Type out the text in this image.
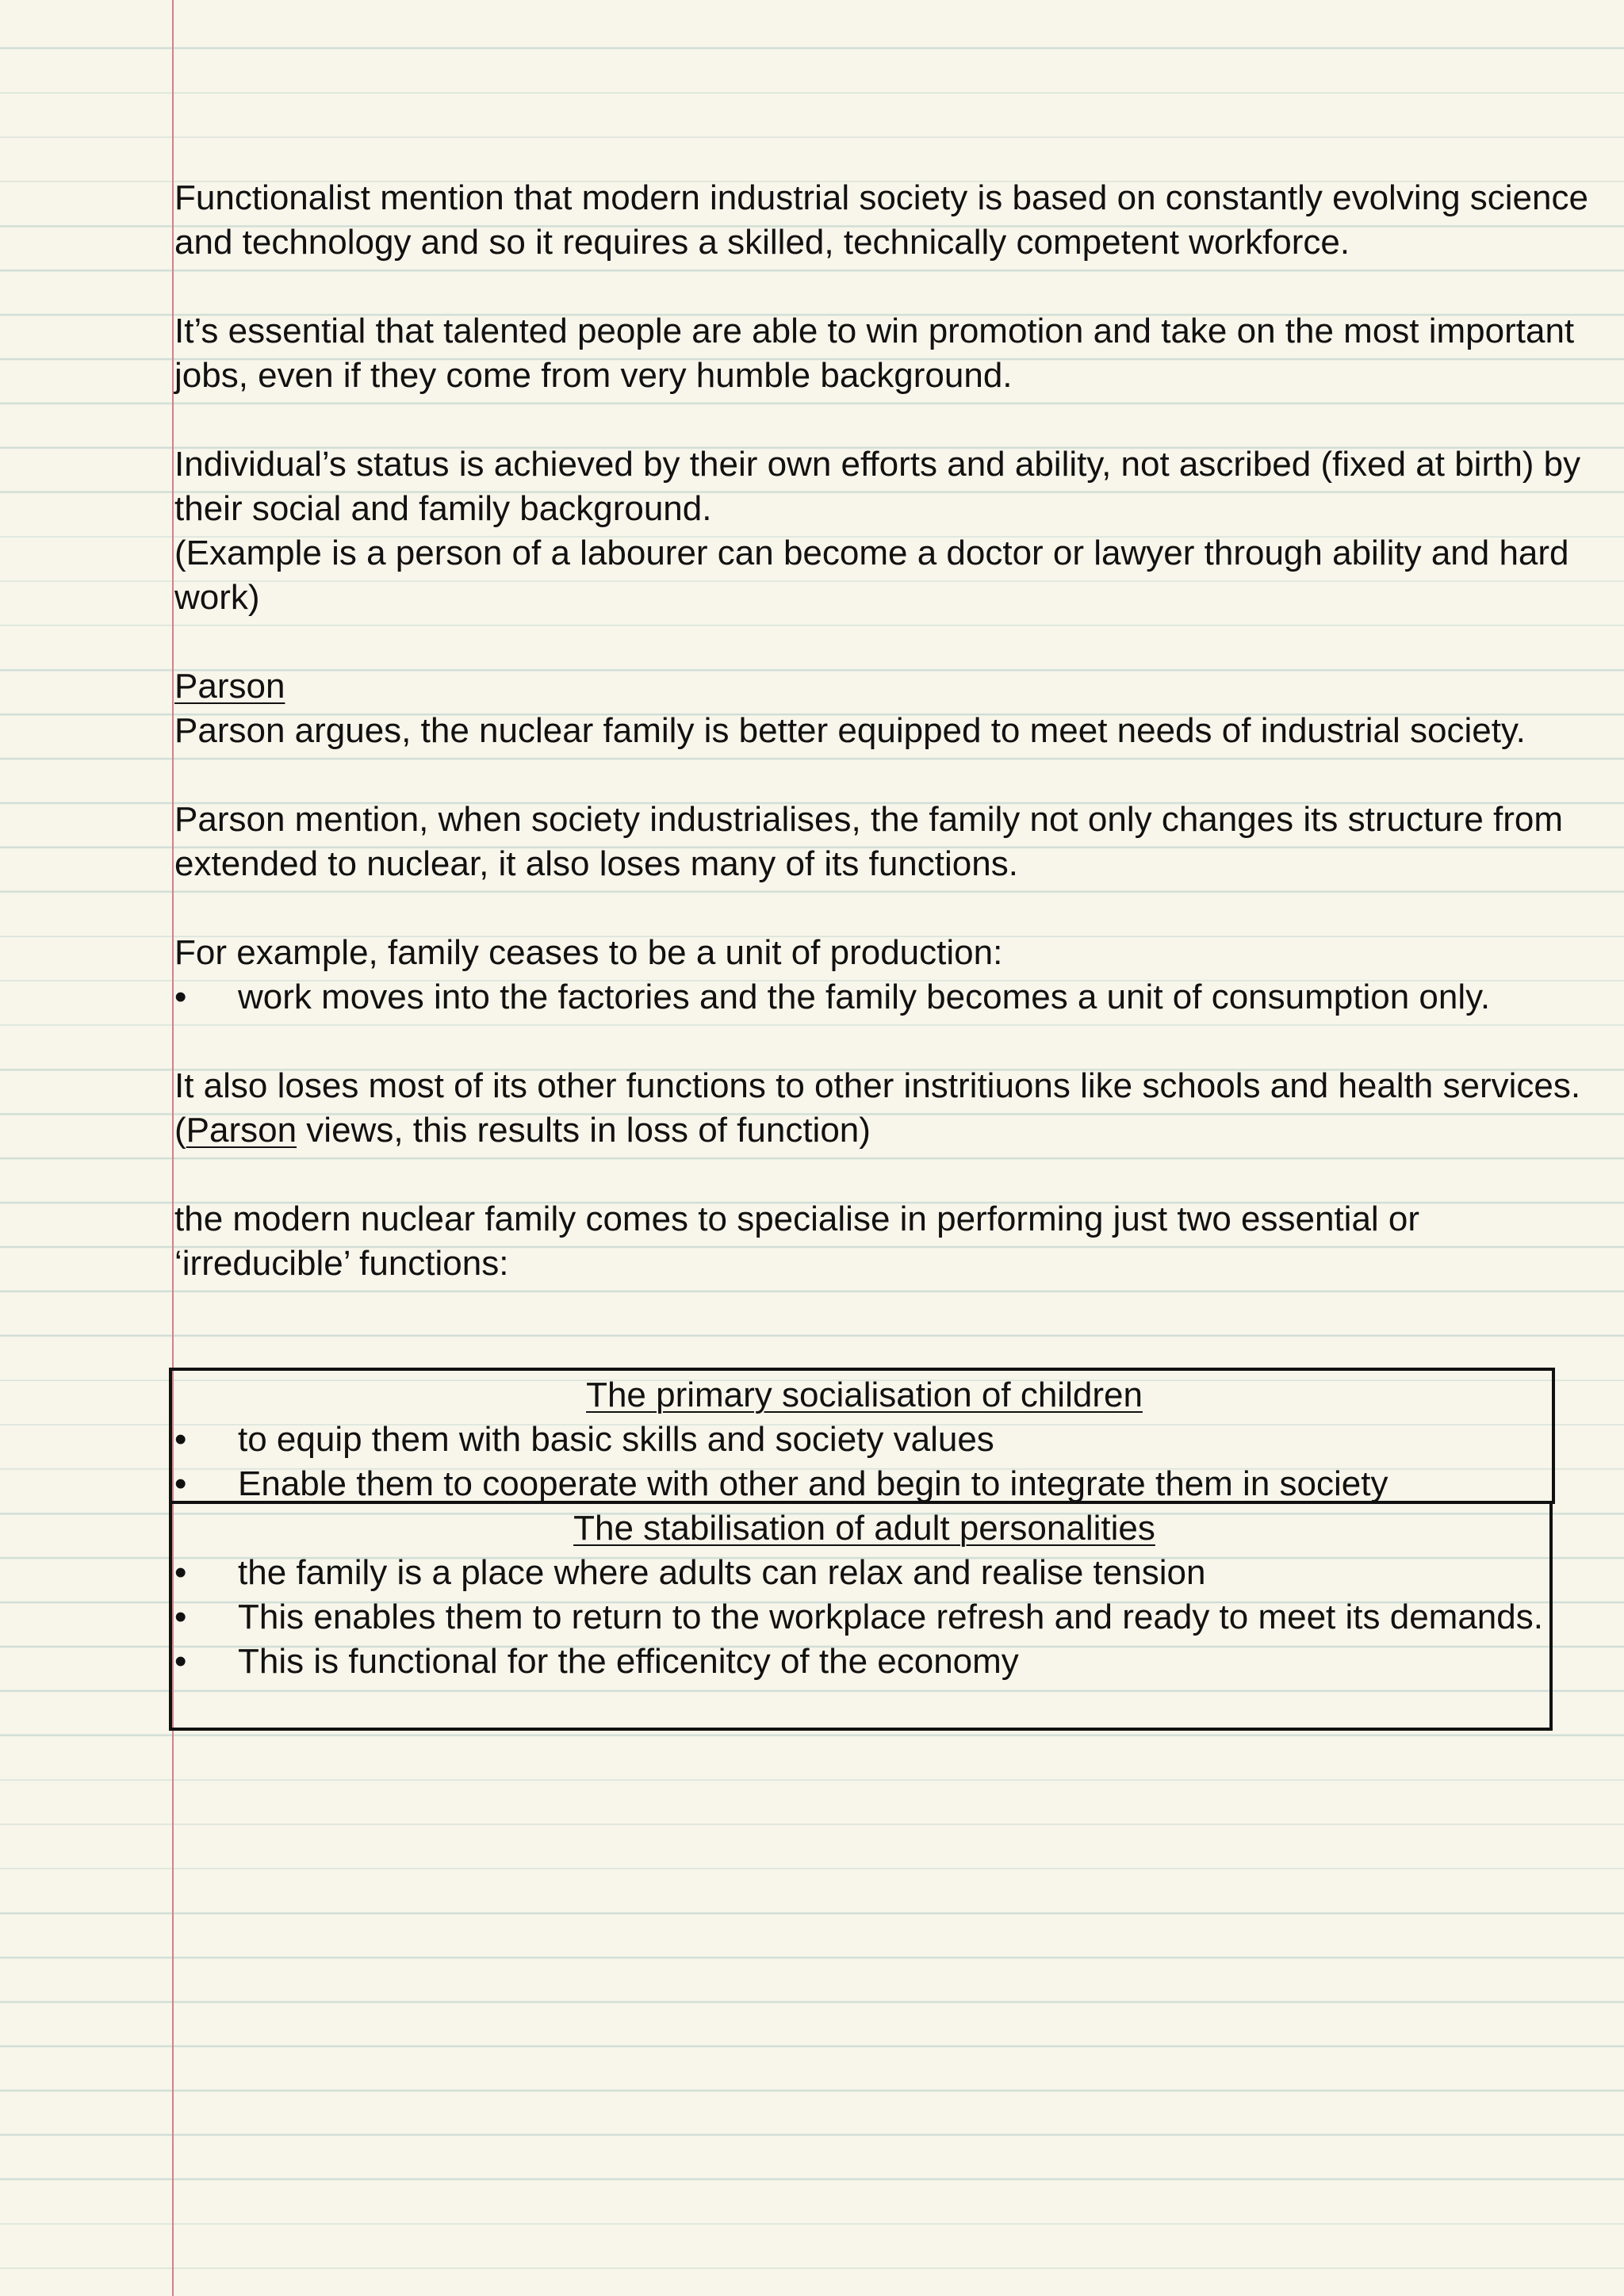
Functionalist mention that modern industrial society is based on constantly evolving science and technology and so it requires a skilled, technically competent workforce.

It’s essential that talented people are able to win promotion and take on the most important jobs, even if they come from very humble background.

Individual’s status is achieved by their own efforts and ability, not ascribed (fixed at birth) by their social and family background.

(Example is a person of a labourer can become a doctor or lawyer through ability and hard work)

Parson

Parson argues, the nuclear family is better equipped to meet needs of industrial society.

Parson mention, when society industrialises, the family not only changes its structure from extended to nuclear, it also loses many of its functions.

For example, family ceases to be a unit of production:

•	work moves into the factories and the family becomes a unit of consumption only.

It also loses most of its other functions to other instritiuons like schools and health services.

(Parson views, this results in loss of function)

the modern nuclear family comes to specialise in performing just two essential or ‘irreducible’ functions:

The primary socialisation of children
•	to equip them with basic skills and society values
•	Enable them to cooperate with other and begin to integrate them in society
The stabilisation of adult personalities
•	the family is a place where adults can relax and realise tension
•	This enables them to return to the workplace refresh and ready to meet its demands.
•	This is functional for the efficenitcy of the economy
